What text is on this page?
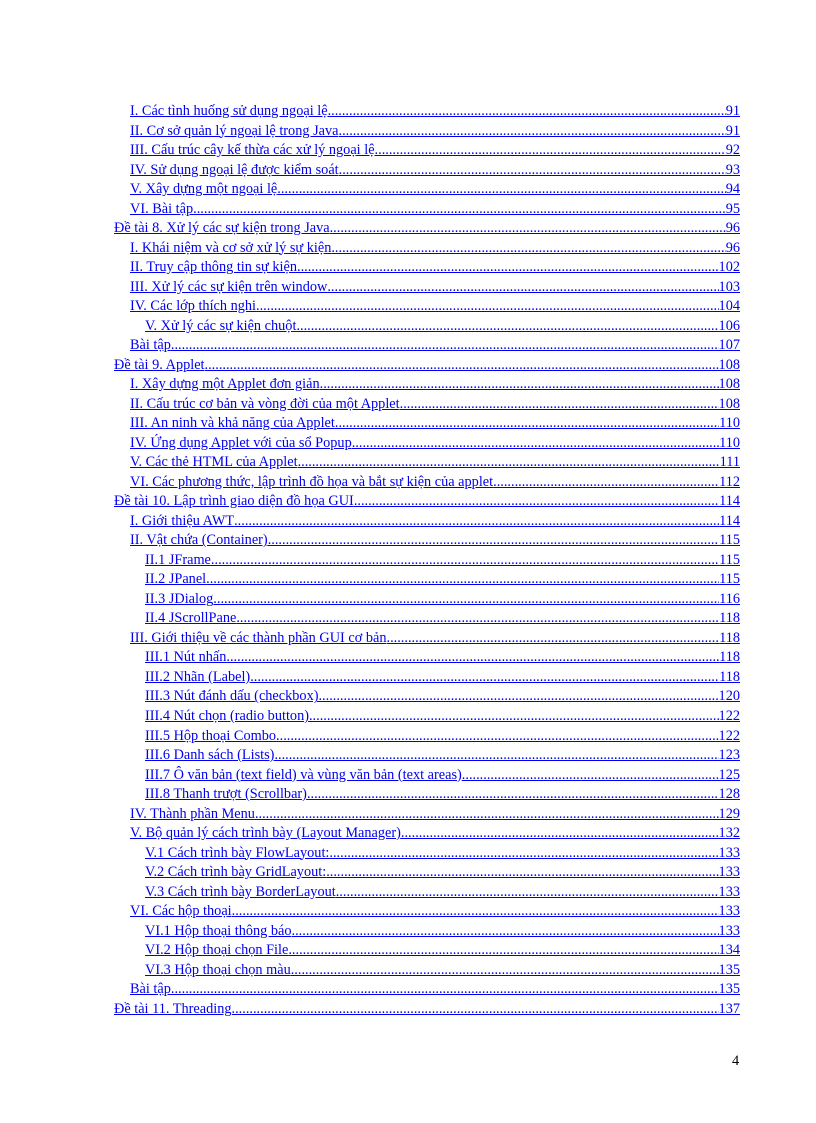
I. Các tình huống sử dụng ngoại lệ .....	91
II. Cơ sở quản lý ngoại lệ trong Java .....	91
III. Cấu trúc cây kế thừa các xử lý ngoại lệ .....	92
IV. Sử dụng ngoại lệ được kiểm soát .....	93
V. Xây dựng một ngoại lệ .....	94
VI. Bài tập .....	95
Đề tài 8. Xử lý các sự kiện trong Java .....	96
I. Khái niệm và cơ sở xử lý sự kiện .....	96
II. Truy cập thông tin sự kiện .....	102
III. Xử lý các sự kiện trên window .....	103
IV. Các lớp thích nghi .....	104
V. Xử lý các sự kiện chuột .....	106
Bài tập .....	107
Đề tài 9. Applet .....	108
I. Xây dựng một Applet đơn giản .....	108
II. Cấu trúc cơ bản và vòng đời của một Applet .....	108
III. An ninh và khả năng của Applet .....	110
IV. Ứng dụng Applet với của sổ Popup .....	110
V. Các thẻ HTML của Applet .....	111
VI. Các phương thức, lập trình đồ họa và bắt sự kiện của applet .....	112
Đề tài 10. Lập trình giao diện đồ họa GUI .....	114
I. Giới thiệu AWT .....	114
II. Vật chứa (Container) .....	115
II.1 JFrame .....	115
II.2 JPanel .....	115
II.3 JDialog .....	116
II.4 JScrollPane .....	118
III. Giới thiệu về các thành phần GUI cơ bản .....	118
III.1 Nút nhấn .....	118
III.2 Nhãn (Label) .....	118
III.3 Nút đánh dấu (checkbox) .....	120
III.4 Nút chọn (radio button) .....	122
III.5 Hộp thoại Combo .....	122
III.6 Danh sách (Lists) .....	123
III.7 Ô văn bản (text field) và vùng văn bản (text areas) .....	125
III.8 Thanh trượt (Scrollbar) .....	128
IV. Thành phần Menu .....	129
V. Bộ quản lý cách trình bày (Layout Manager) .....	132
V.1 Cách trình bày FlowLayout: .....	133
V.2 Cách trình bày GridLayout: .....	133
V.3 Cách trình bày BorderLayout .....	133
VI. Các hộp thoại .....	133
VI.1 Hộp thoại thông báo .....	133
VI.2 Hộp thoại chọn File .....	134
VI.3 Hộp thoại chọn màu .....	135
Bài tập .....	135
Đề tài 11. Threading .....	137
4
